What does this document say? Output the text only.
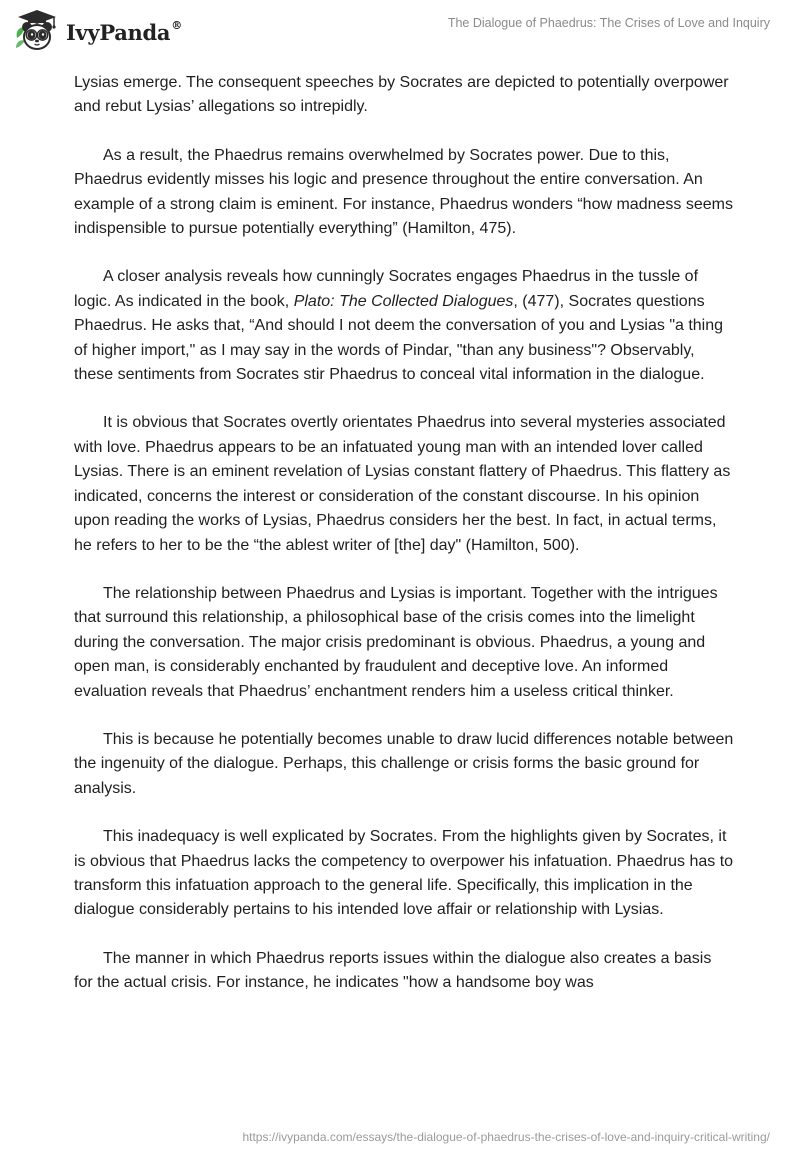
IvyPanda®	The Dialogue of Phaedrus: The Crises of Love and Inquiry

Lysias emerge. The consequent speeches by Socrates are depicted to potentially overpower and rebut Lysias’ allegations so intrepidly.

As a result, the Phaedrus remains overwhelmed by Socrates power. Due to this, Phaedrus evidently misses his logic and presence throughout the entire conversation. An example of a strong claim is eminent. For instance, Phaedrus wonders “how madness seems indispensible to pursue potentially everything” (Hamilton, 475).

A closer analysis reveals how cunningly Socrates engages Phaedrus in the tussle of logic. As indicated in the book, Plato: The Collected Dialogues, (477), Socrates questions Phaedrus. He asks that, “And should I not deem the conversation of you and Lysias "a thing of higher import," as I may say in the words of Pindar, "than any business"? Observably, these sentiments from Socrates stir Phaedrus to conceal vital information in the dialogue.

It is obvious that Socrates overtly orientates Phaedrus into several mysteries associated with love. Phaedrus appears to be an infatuated young man with an intended lover called Lysias. There is an eminent revelation of Lysias constant flattery of Phaedrus. This flattery as indicated, concerns the interest or consideration of the constant discourse. In his opinion upon reading the works of Lysias, Phaedrus considers her the best. In fact, in actual terms, he refers to her to be the “the ablest writer of [the] day" (Hamilton, 500).

The relationship between Phaedrus and Lysias is important. Together with the intrigues that surround this relationship, a philosophical base of the crisis comes into the limelight during the conversation. The major crisis predominant is obvious. Phaedrus, a young and open man, is considerably enchanted by fraudulent and deceptive love. An informed evaluation reveals that Phaedrus’ enchantment renders him a useless critical thinker.

This is because he potentially becomes unable to draw lucid differences notable between the ingenuity of the dialogue. Perhaps, this challenge or crisis forms the basic ground for analysis.

This inadequacy is well explicated by Socrates. From the highlights given by Socrates, it is obvious that Phaedrus lacks the competency to overpower his infatuation. Phaedrus has to transform this infatuation approach to the general life. Specifically, this implication in the dialogue considerably pertains to his intended love affair or relationship with Lysias.

The manner in which Phaedrus reports issues within the dialogue also creates a basis for the actual crisis. For instance, he indicates "how a handsome boy was

https://ivypanda.com/essays/the-dialogue-of-phaedrus-the-crises-of-love-and-inquiry-critical-writing/
